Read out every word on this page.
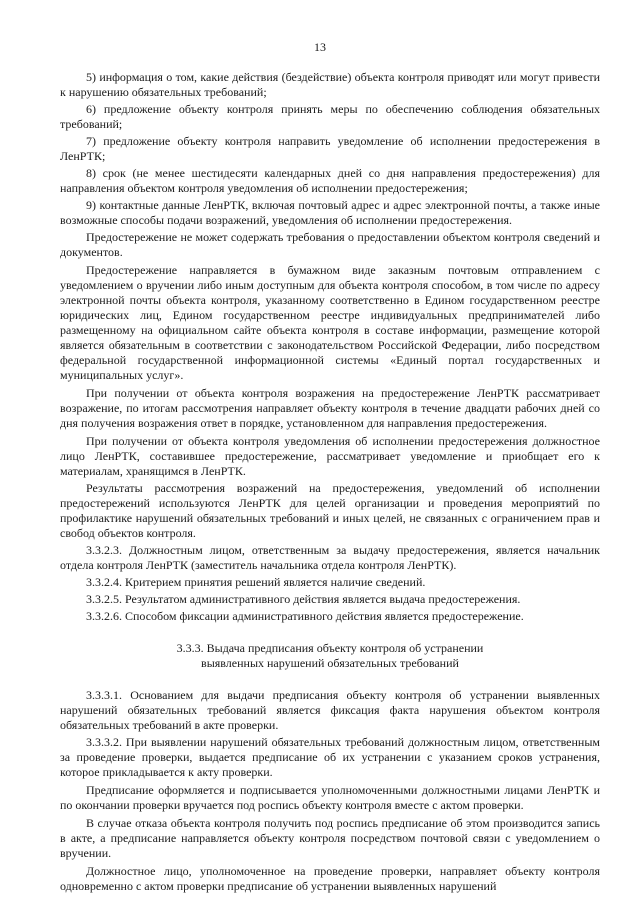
13

5) информация о том, какие действия (бездействие) объекта контроля приводят или могут привести к нарушению обязательных требований;

6) предложение объекту контроля принять меры по обеспечению соблюдения обязательных требований;

7) предложение объекту контроля направить уведомление об исполнении предостережения в ЛенРТК;

8) срок (не менее шестидесяти календарных дней со дня направления предостережения) для направления объектом контроля уведомления об исполнении предостережения;

9) контактные данные ЛенРТК, включая почтовый адрес и адрес электронной почты, а также иные возможные способы подачи возражений, уведомления об исполнении предостережения.

Предостережение не может содержать требования о предоставлении объектом контроля сведений и документов.

Предостережение направляется в бумажном виде заказным почтовым отправлением с уведомлением о вручении либо иным доступным для объекта контроля способом, в том числе по адресу электронной почты объекта контроля, указанному соответственно в Едином государственном реестре юридических лиц, Едином государственном реестре индивидуальных предпринимателей либо размещенному на официальном сайте объекта контроля в составе информации, размещение которой является обязательным в соответствии с законодательством Российской Федерации, либо посредством федеральной государственной информационной системы «Единый портал государственных и муниципальных услуг».

При получении от объекта контроля возражения на предостережение ЛенРТК рассматривает возражение, по итогам рассмотрения направляет объекту контроля в течение двадцати рабочих дней со дня получения возражения ответ в порядке, установленном для направления предостережения.

При получении от объекта контроля уведомления об исполнении предостережения должностное лицо ЛенРТК, составившее предостережение, рассматривает уведомление и приобщает его к материалам, хранящимся в ЛенРТК.

Результаты рассмотрения возражений на предостережения, уведомлений об исполнении предостережений используются ЛенРТК для целей организации и проведения мероприятий по профилактике нарушений обязательных требований и иных целей, не связанных с ограничением прав и свобод объектов контроля.

3.3.2.3. Должностным лицом, ответственным за выдачу предостережения, является начальник отдела контроля ЛенРТК (заместитель начальника отдела контроля ЛенРТК).

3.3.2.4. Критерием принятия решений является наличие сведений.

3.3.2.5. Результатом административного действия является выдача предостережения.

3.3.2.6. Способом фиксации административного действия является предостережение.

3.3.3. Выдача предписания объекту контроля об устранении
выявленных нарушений обязательных требований

3.3.3.1. Основанием для выдачи предписания объекту контроля об устранении выявленных нарушений обязательных требований является фиксация факта нарушения объектом контроля обязательных требований в акте проверки.

3.3.3.2. При выявлении нарушений обязательных требований должностным лицом, ответственным за проведение проверки, выдается предписание об их устранении с указанием сроков устранения, которое прикладывается к акту проверки.

Предписание оформляется и подписывается уполномоченными должностными лицами ЛенРТК и по окончании проверки вручается под роспись объекту контроля вместе с актом проверки.

В случае отказа объекта контроля получить под роспись предписание об этом производится запись в акте, а предписание направляется объекту контроля посредством почтовой связи с уведомлением о вручении.

Должностное лицо, уполномоченное на проведение проверки, направляет объекту контроля одновременно с актом проверки предписание об устранении выявленных нарушений
